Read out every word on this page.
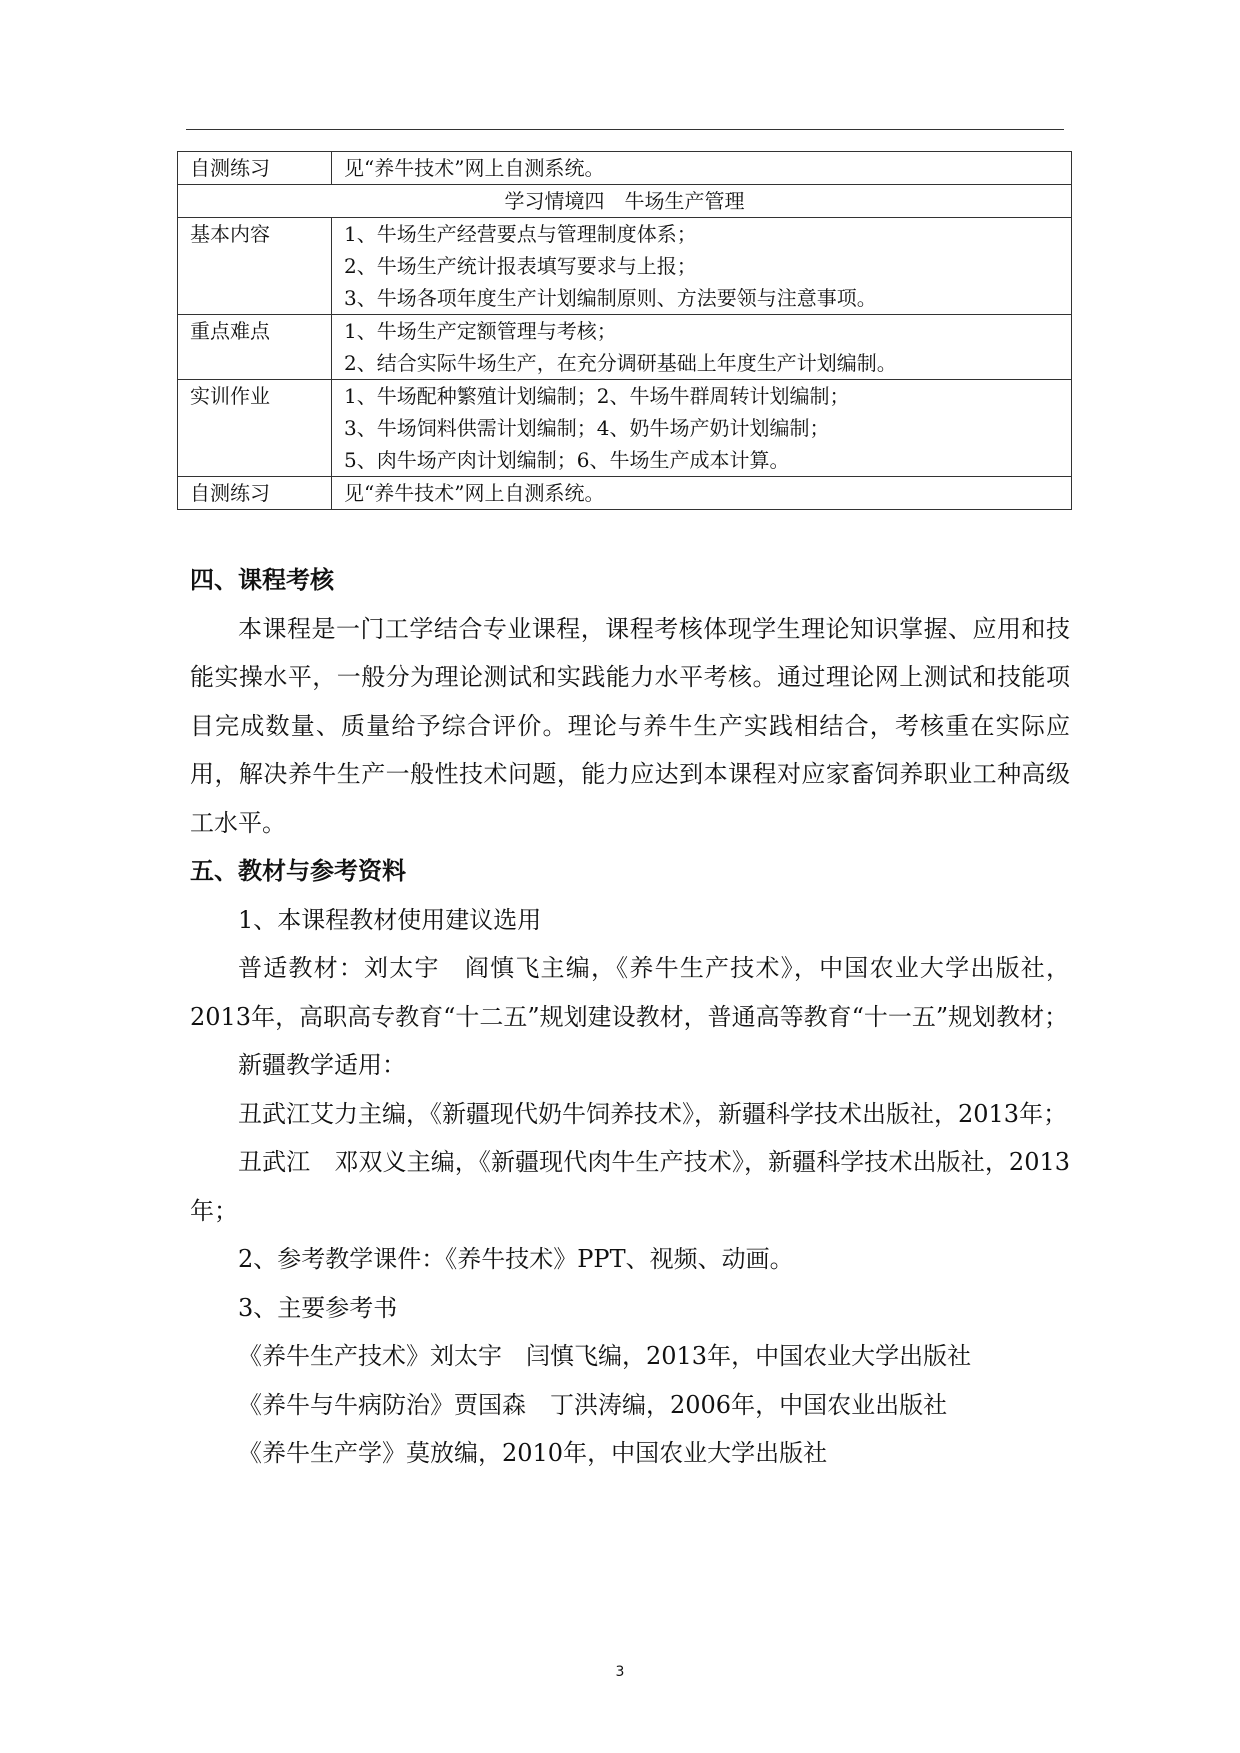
自测练习	见“养牛技术”网上自测系统。

学习情境四　牛场生产管理	
基本内容	1、牛场生产经营要点与管理制度体系；
2、牛场生产统计报表填写要求与上报；
3、牛场各项年度生产计划编制原则、方法要领与注意事项。

重点难点	1、牛场生产定额管理与考核；
2、结合实际牛场生产，在充分调研基础上年度生产计划编制。

实训作业	1、牛场配种繁殖计划编制；2、牛场牛群周转计划编制；
3、牛场饲料供需计划编制；4、奶牛场产奶计划编制；
5、肉牛场产肉计划编制；6、牛场生产成本计算。

自测练习	见“养牛技术”网上自测系统。
四、课程考核

本课程是一门工学结合专业课程，课程考核体现学生理论知识掌握、应用和技能实操水平，一般分为理论测试和实践能力水平考核。通过理论网上测试和技能项目完成数量、质量给予综合评价。理论与养牛生产实践相结合，考核重在实际应用，解决养牛生产一般性技术问题，能力应达到本课程对应家畜饲养职业工种高级工水平。

五、教材与参考资料

1、本课程教材使用建议选用

普适教材：刘太宇　阎慎飞主编，《养牛生产技术》，中国农业大学出版社，2013年，高职高专教育“十二五”规划建设教材，普通高等教育“十一五”规划教材；

新疆教学适用：

丑武江艾力主编，《新疆现代奶牛饲养技术》，新疆科学技术出版社，2013年；

丑武江　邓双义主编，《新疆现代肉牛生产技术》，新疆科学技术出版社，2013年；

2、参考教学课件：《养牛技术》PPT、视频、动画。

3、主要参考书

《养牛生产技术》刘太宇　闫慎飞编，2013年，中国农业大学出版社

《养牛与牛病防治》贾国森　丁洪涛编，2006年，中国农业出版社

《养牛生产学》莫放编，2010年，中国农业大学出版社

3
